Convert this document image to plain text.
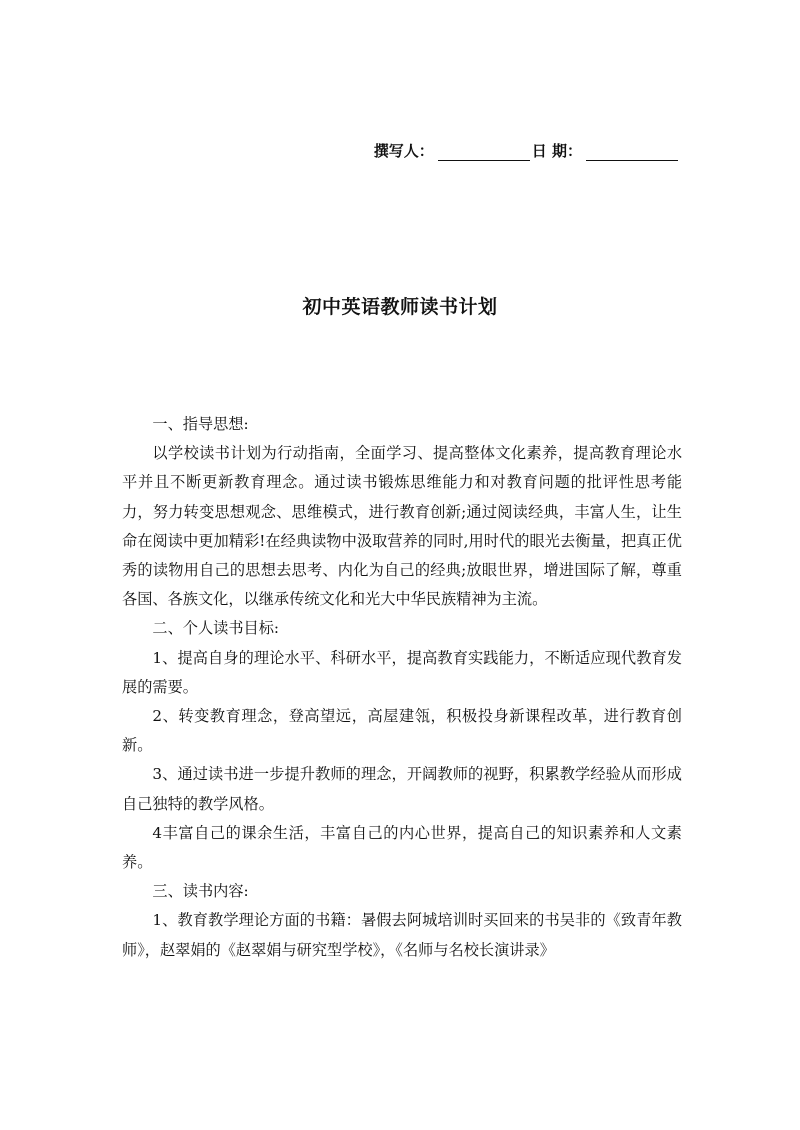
撰写人：	日 期：
初中英语教师读书计划

一、指导思想:

以学校读书计划为行动指南，全面学习、提高整体文化素养，提高教育理论水平并且不断更新教育理念。通过读书锻炼思维能力和对教育问题的批评性思考能力，努力转变思想观念、思维模式，进行教育创新;通过阅读经典，丰富人生，让生命在阅读中更加精彩!在经典读物中汲取营养的同时,用时代的眼光去衡量，把真正优秀的读物用自己的思想去思考、内化为自己的经典;放眼世界，增进国际了解，尊重各国、各族文化，以继承传统文化和光大中华民族精神为主流。

二、个人读书目标:

1、提高自身的理论水平、科研水平，提高教育实践能力，不断适应现代教育发展的需要。

2、转变教育理念，登高望远，高屋建瓴，积极投身新课程改革，进行教育创新。

3、通过读书进一步提升教师的理念，开阔教师的视野，积累教学经验从而形成自己独特的教学风格。

4丰富自己的课余生活，丰富自己的内心世界，提高自己的知识素养和人文素养。

三、读书内容:

1、教育教学理论方面的书籍：暑假去阿城培训时买回来的书吴非的《致青年教师》，赵翠娟的《赵翠娟与研究型学校》，《名师与名校长演讲录》
